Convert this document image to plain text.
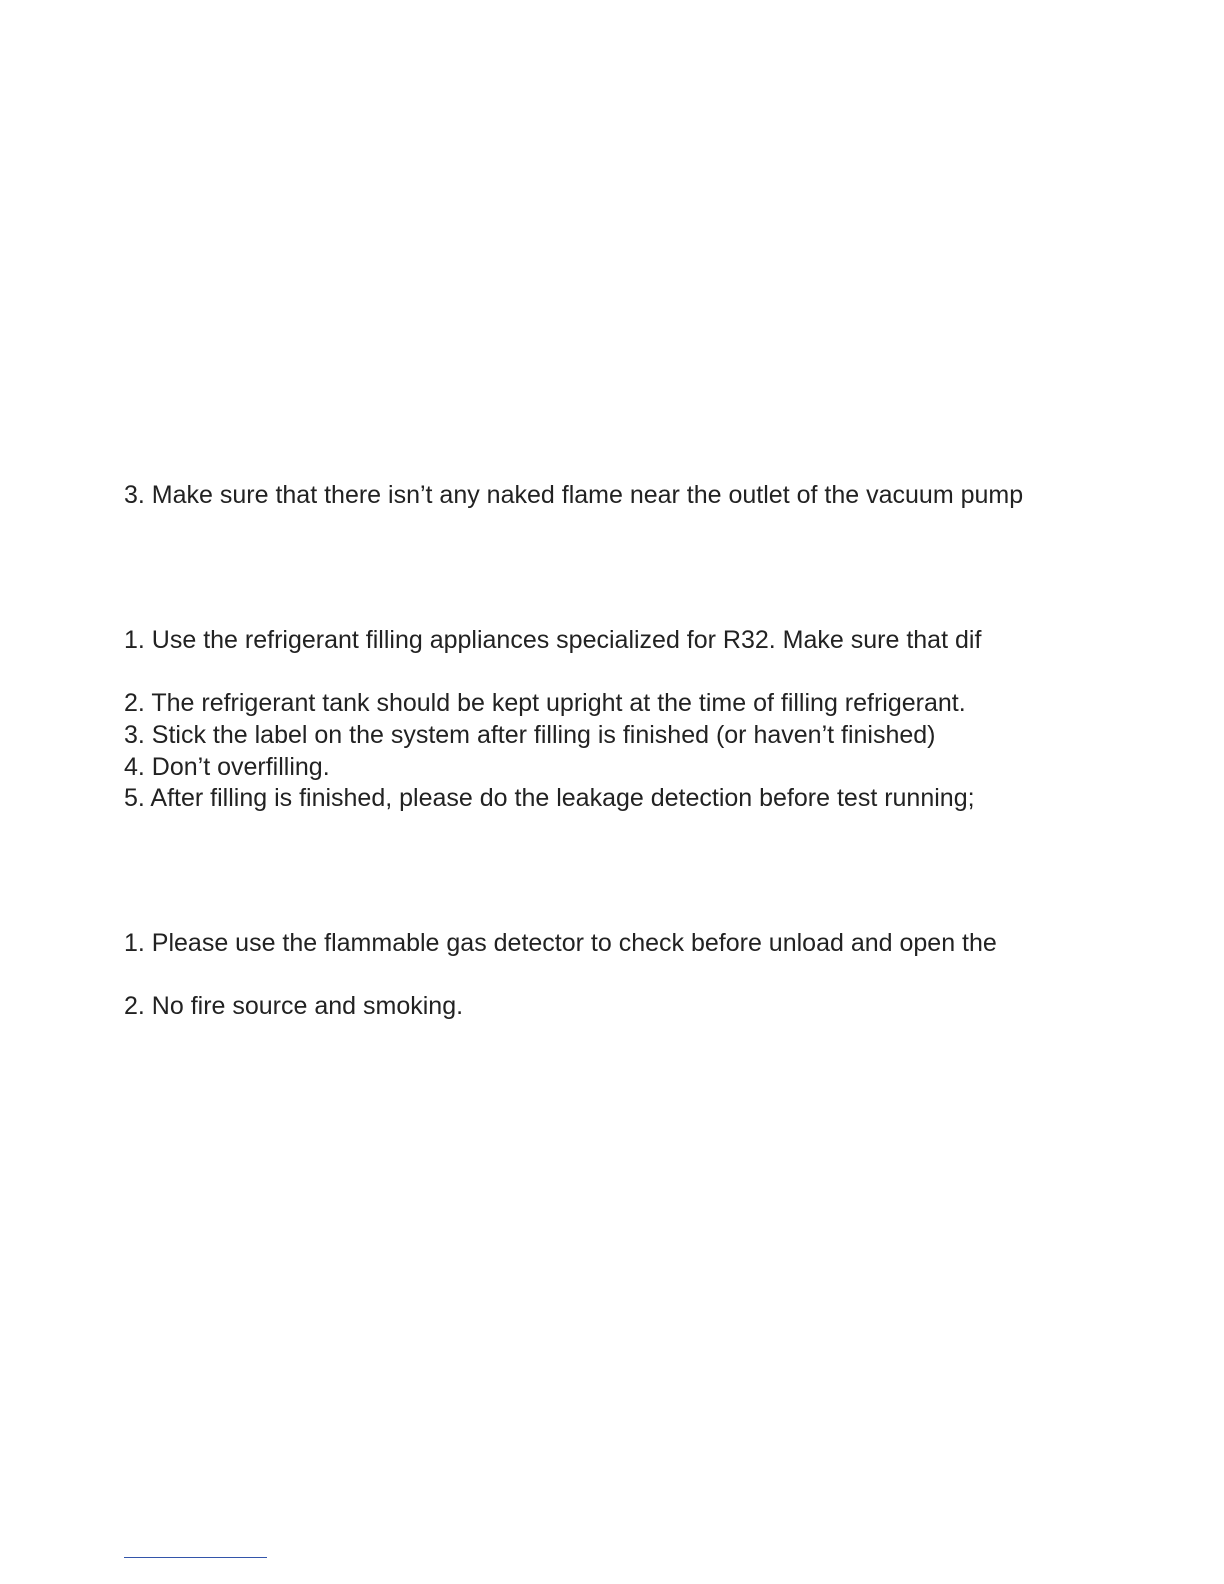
3. Make sure that there isn’t any naked flame near the outlet of the vacuum pump
1. Use the refrigerant filling appliances specialized for R32. Make sure that dif
2. The refrigerant tank should be kept upright at the time of filling refrigerant.
3. Stick the label on the system after filling is finished (or haven’t finished)
4. Don’t overfilling.
5. After filling is finished, please do the leakage detection before test running;
1. Please use the flammable gas detector to check before unload and open the
2. No fire source and smoking.
